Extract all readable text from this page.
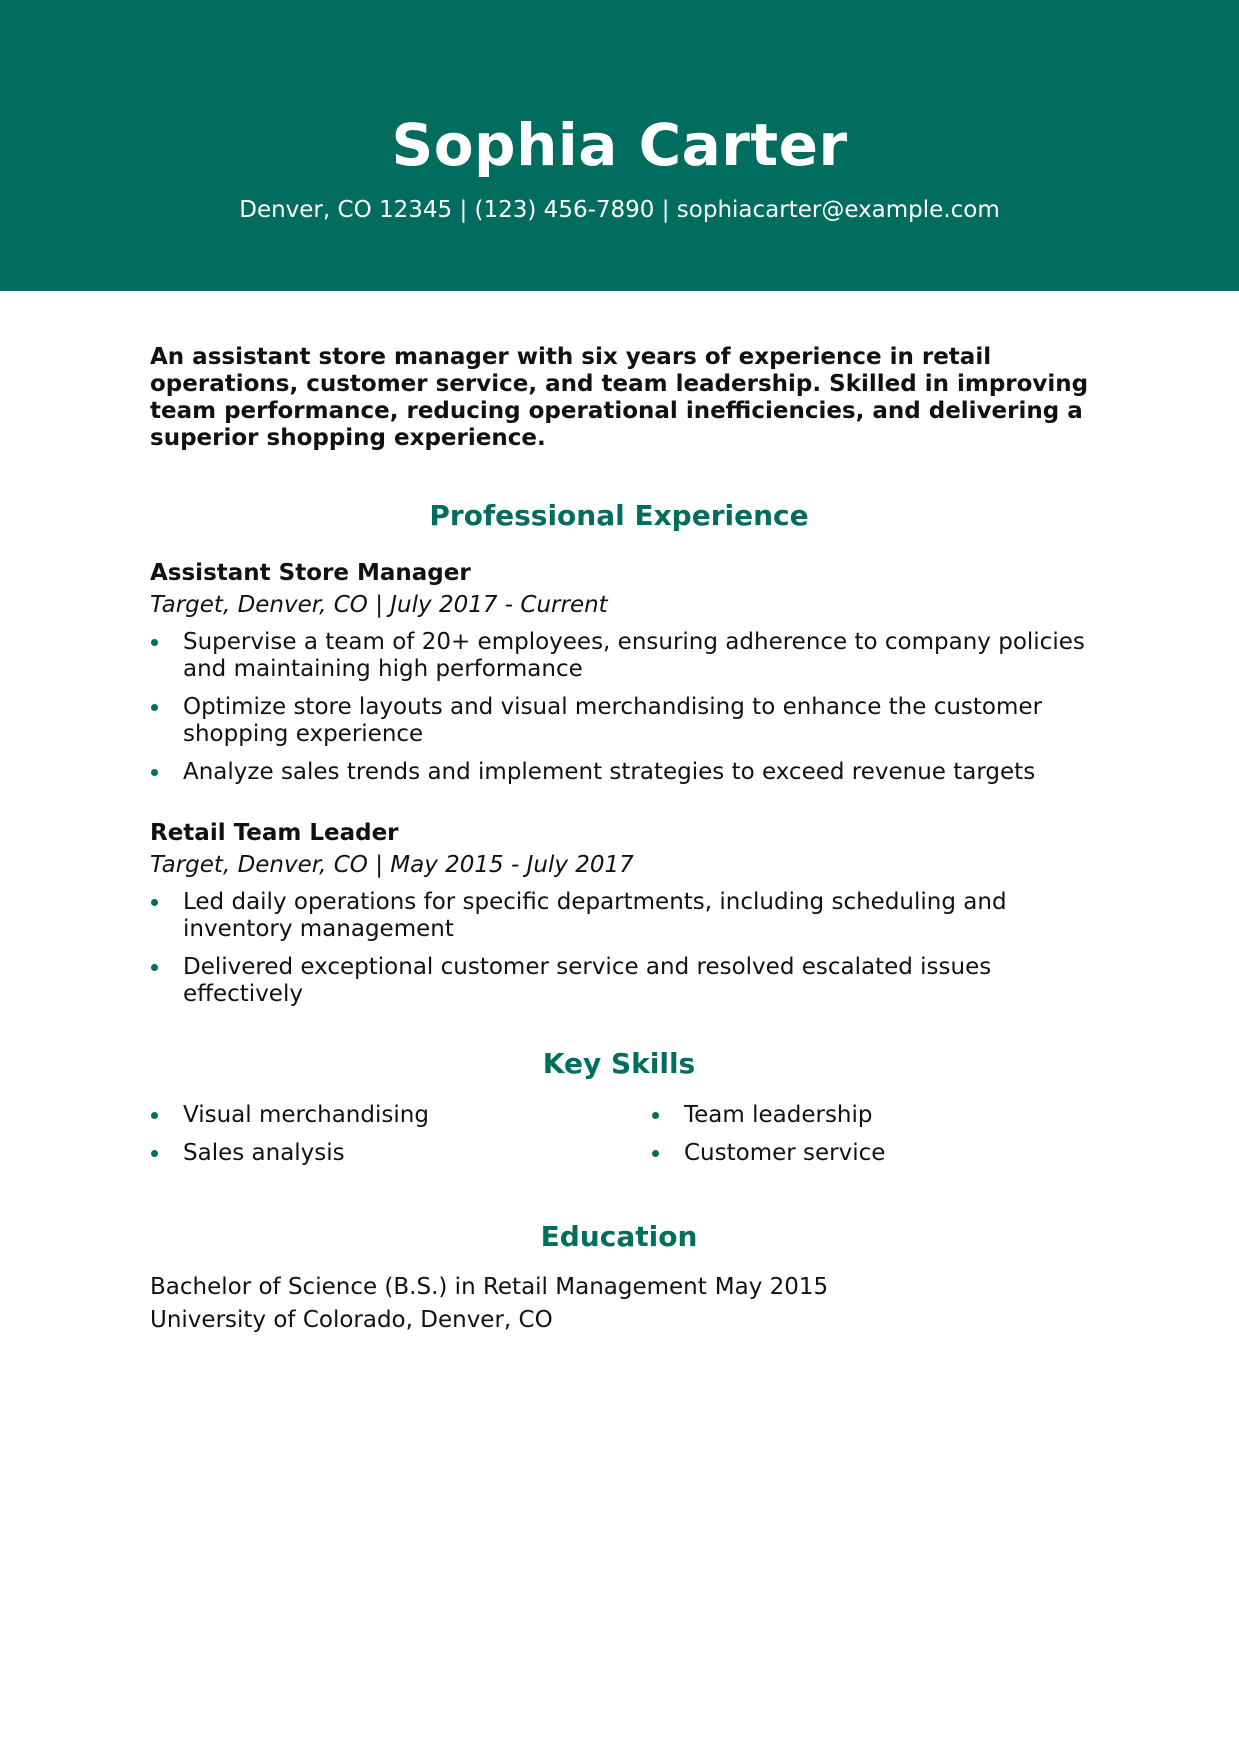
Sophia Carter
Denver, CO 12345 | (123) 456-7890 | sophiacarter@example.com

An assistant store manager with six years of experience in retail operations, customer service, and team leadership. Skilled in improving team performance, reducing operational inefficiencies, and delivering a superior shopping experience.

Professional Experience
Assistant Store Manager
Target, Denver, CO | July 2017 - Current
Supervise a team of 20+ employees, ensuring adherence to company policies and maintaining high performance
Optimize store layouts and visual merchandising to enhance the customer shopping experience
Analyze sales trends and implement strategies to exceed revenue targets
Retail Team Leader
Target, Denver, CO | May 2015 - July 2017
Led daily operations for specific departments, including scheduling and inventory management
Delivered exceptional customer service and resolved escalated issues effectively
Key Skills
Visual merchandising	Team leadership
Sales analysis	Customer service
Education
Bachelor of Science (B.S.) in Retail Management May 2015
University of Colorado, Denver, CO
